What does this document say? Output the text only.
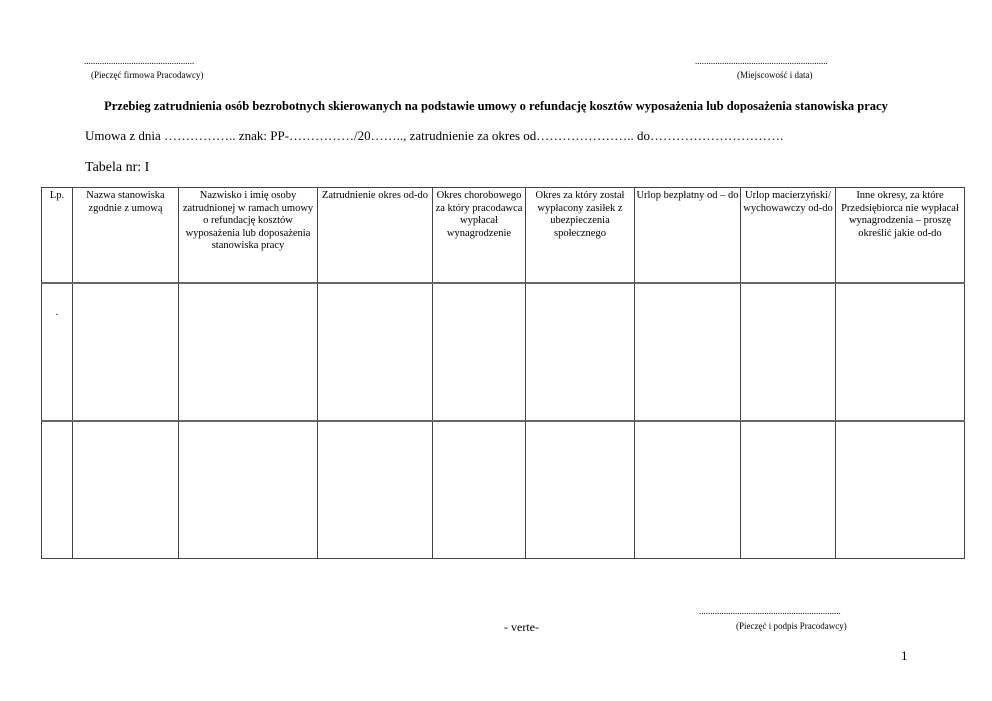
.................................................
(Pieczęć firmowa Pracodawcy)
...........................................................
(Miejscowość i data)
Przebieg zatrudnienia osób bezrobotnych skierowanych na podstawie umowy o refundację kosztów wyposażenia lub doposażenia stanowiska pracy
Umowa z dnia …………….. znak: PP-……………/20…….., zatrudnienie za okres od………………….. do………………………….
Tabela nr: I
Lp.	Nazwa stanowiska zgodnie z umową	Nazwisko i imię osoby zatrudnionej w ramach umowy o refundację kosztów wyposażenia lub doposażenia stanowiska pracy	Zatrudnienie okres od-do	Okres chorobowego za który pracodawca wypłacał wynagrodzenie	Okres za który został wypłacony zasiłek z ubezpieczenia społecznego	Urlop bezpłatny od – do	Urlop macierzyński/ wychowawczy od-do	Inne okresy, za które Przedsiębiorca nie wypłacał wynagrodzenia – proszę określić jakie od-do

.								

- verte-
...............................................................
(Pieczęć i podpis Pracodawcy)
1
